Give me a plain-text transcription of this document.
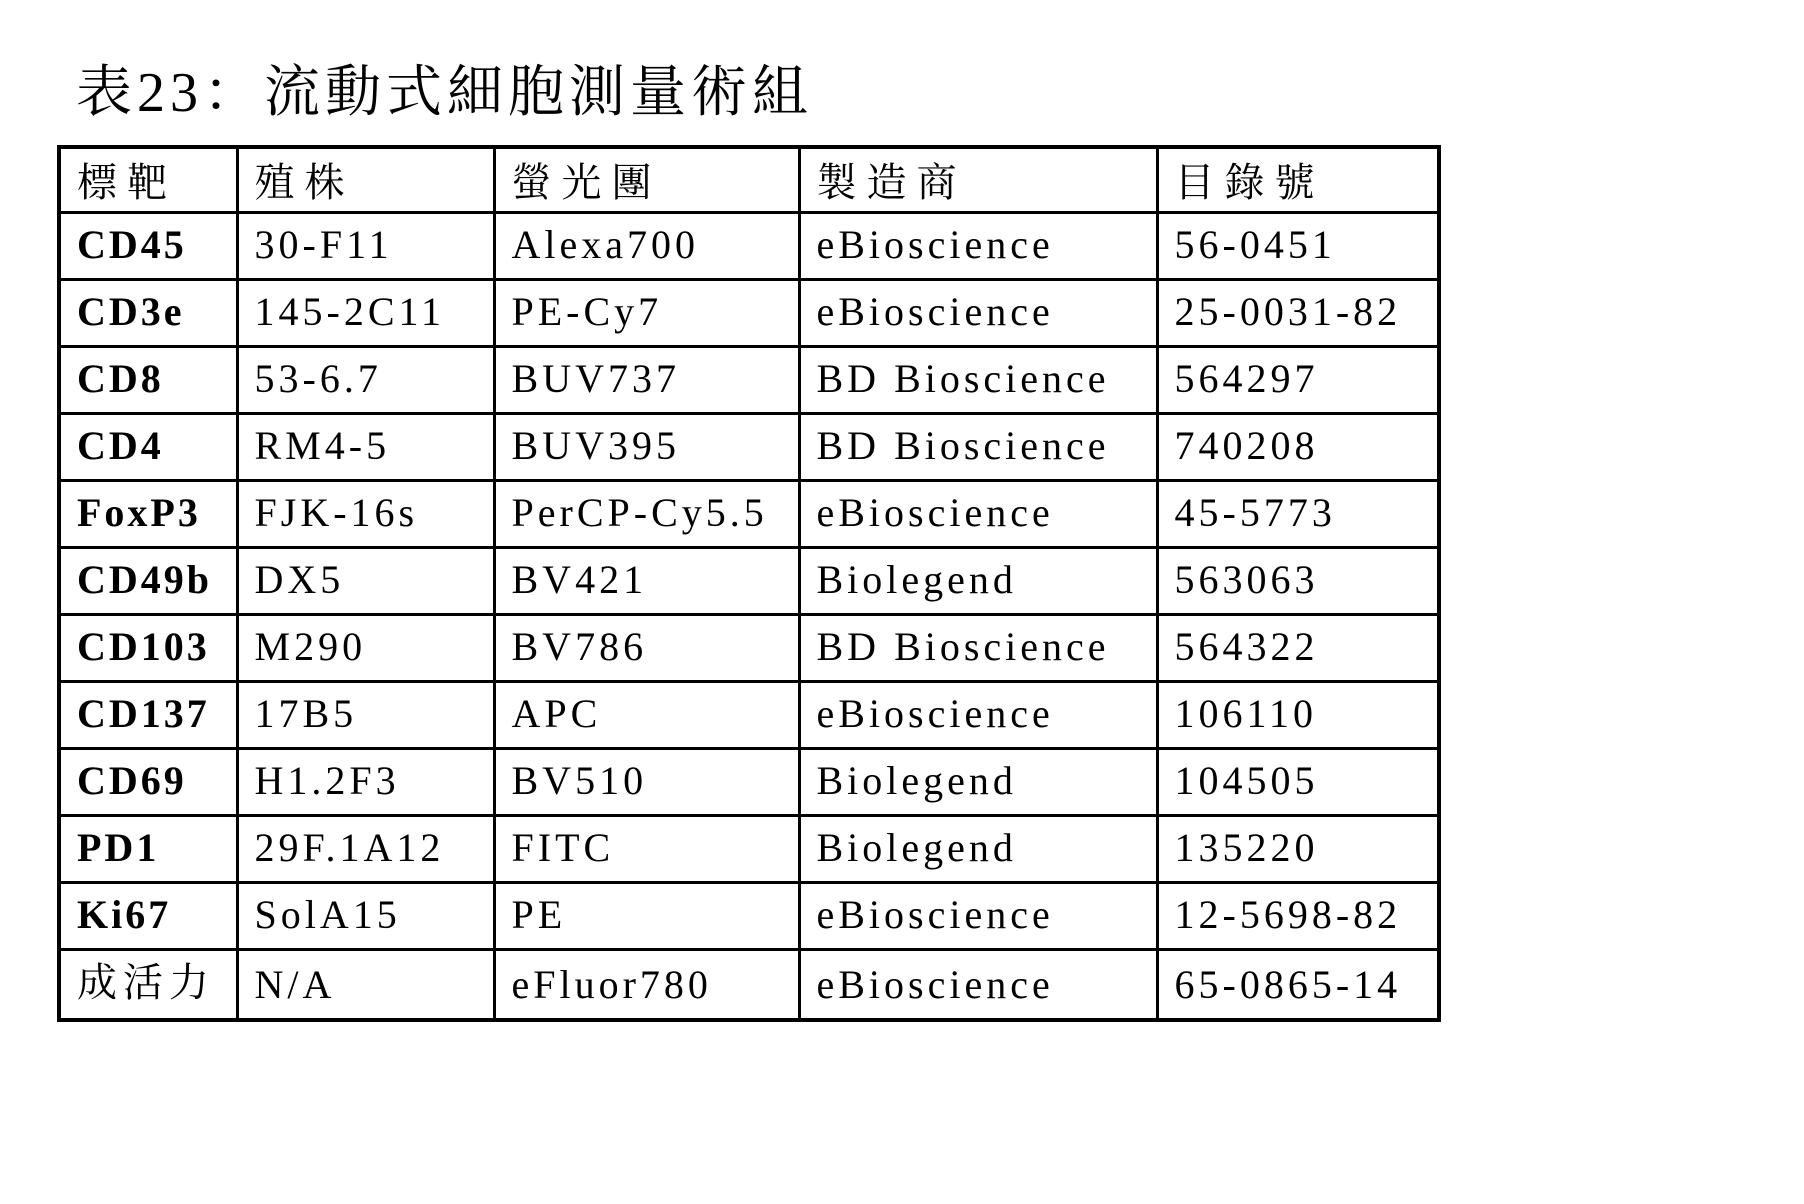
表23：流動式細胞測量術組
標靶	殖株	螢光團	製造商	目錄號
CD45	30-F11	Alexa700	eBioscience	56-0451
CD3e	145-2C11	PE-Cy7	eBioscience	25-0031-82
CD8	53-6.7	BUV737	BD Bioscience	564297
CD4	RM4-5	BUV395	BD Bioscience	740208
FoxP3	FJK-16s	PerCP-Cy5.5	eBioscience	45-5773
CD49b	DX5	BV421	Biolegend	563063
CD103	M290	BV786	BD Bioscience	564322
CD137	17B5	APC	eBioscience	106110
CD69	H1.2F3	BV510	Biolegend	104505
PD1	29F.1A12	FITC	Biolegend	135220
Ki67	SolA15	PE	eBioscience	12-5698-82
成活力	N/A	eFluor780	eBioscience	65-0865-14
